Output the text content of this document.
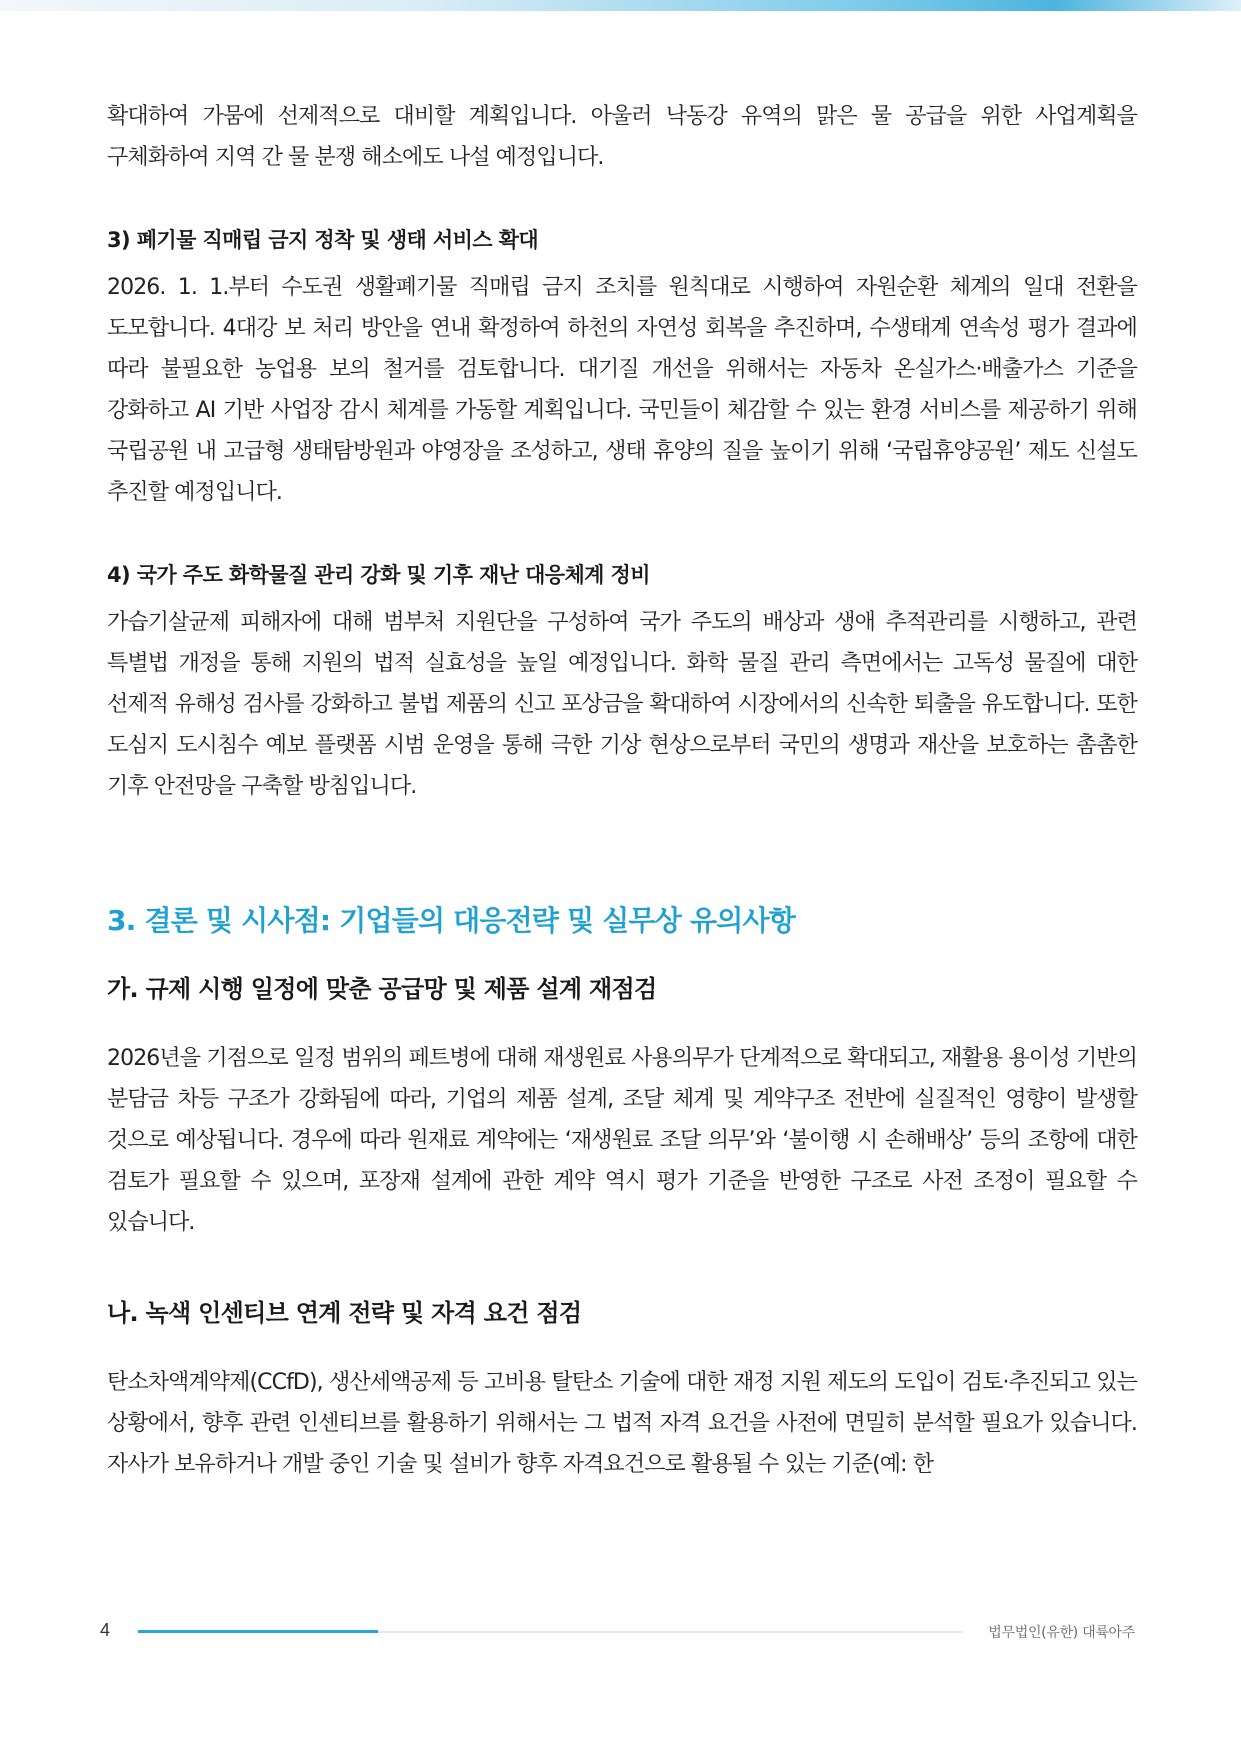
확대하여 가뭄에 선제적으로 대비할 계획입니다. 아울러 낙동강 유역의 맑은 물 공급을 위한 사업계획을 구체화하여 지역 간 물 분쟁 해소에도 나설 예정입니다.

3) 폐기물 직매립 금지 정착 및 생태 서비스 확대

2026. 1. 1.부터 수도권 생활폐기물 직매립 금지 조치를 원칙대로 시행하여 자원순환 체계의 일대 전환을 도모합니다. 4대강 보 처리 방안을 연내 확정하여 하천의 자연성 회복을 추진하며, 수생태계 연속성 평가 결과에 따라 불필요한 농업용 보의 철거를 검토합니다. 대기질 개선을 위해서는 자동차 온실가스·배출가스 기준을 강화하고 AI 기반 사업장 감시 체계를 가동할 계획입니다. 국민들이 체감할 수 있는 환경 서비스를 제공하기 위해 국립공원 내 고급형 생태탐방원과 야영장을 조성하고, 생태 휴양의 질을 높이기 위해 ‘국립휴양공원’ 제도 신설도 추진할 예정입니다.

4) 국가 주도 화학물질 관리 강화 및 기후 재난 대응체계 정비

가습기살균제 피해자에 대해 범부처 지원단을 구성하여 국가 주도의 배상과 생애 추적관리를 시행하고, 관련 특별법 개정을 통해 지원의 법적 실효성을 높일 예정입니다. 화학 물질 관리 측면에서는 고독성 물질에 대한 선제적 유해성 검사를 강화하고 불법 제품의 신고 포상금을 확대하여 시장에서의 신속한 퇴출을 유도합니다. 또한 도심지 도시침수 예보 플랫폼 시범 운영을 통해 극한 기상 현상으로부터 국민의 생명과 재산을 보호하는 촘촘한 기후 안전망을 구축할 방침입니다.

3. 결론 및 시사점: 기업들의 대응전략 및 실무상 유의사항

가. 규제 시행 일정에 맞춘 공급망 및 제품 설계 재점검

2026년을 기점으로 일정 범위의 페트병에 대해 재생원료 사용의무가 단계적으로 확대되고, 재활용 용이성 기반의 분담금 차등 구조가 강화됨에 따라, 기업의 제품 설계, 조달 체계 및 계약구조 전반에 실질적인 영향이 발생할 것으로 예상됩니다. 경우에 따라 원재료 계약에는 ‘재생원료 조달 의무’와 ‘불이행 시 손해배상’ 등의 조항에 대한 검토가 필요할 수 있으며, 포장재 설계에 관한 계약 역시 평가 기준을 반영한 구조로 사전 조정이 필요할 수 있습니다.

나. 녹색 인센티브 연계 전략 및 자격 요건 점검

탄소차액계약제(CCfD), 생산세액공제 등 고비용 탈탄소 기술에 대한 재정 지원 제도의 도입이 검토·추진되고 있는 상황에서, 향후 관련 인센티브를 활용하기 위해서는 그 법적 자격 요건을 사전에 면밀히 분석할 필요가 있습니다. 자사가 보유하거나 개발 중인 기술 및 설비가 향후 자격요건으로 활용될 수 있는 기준(예: 한

4	법무법인(유한) 대륙아주
